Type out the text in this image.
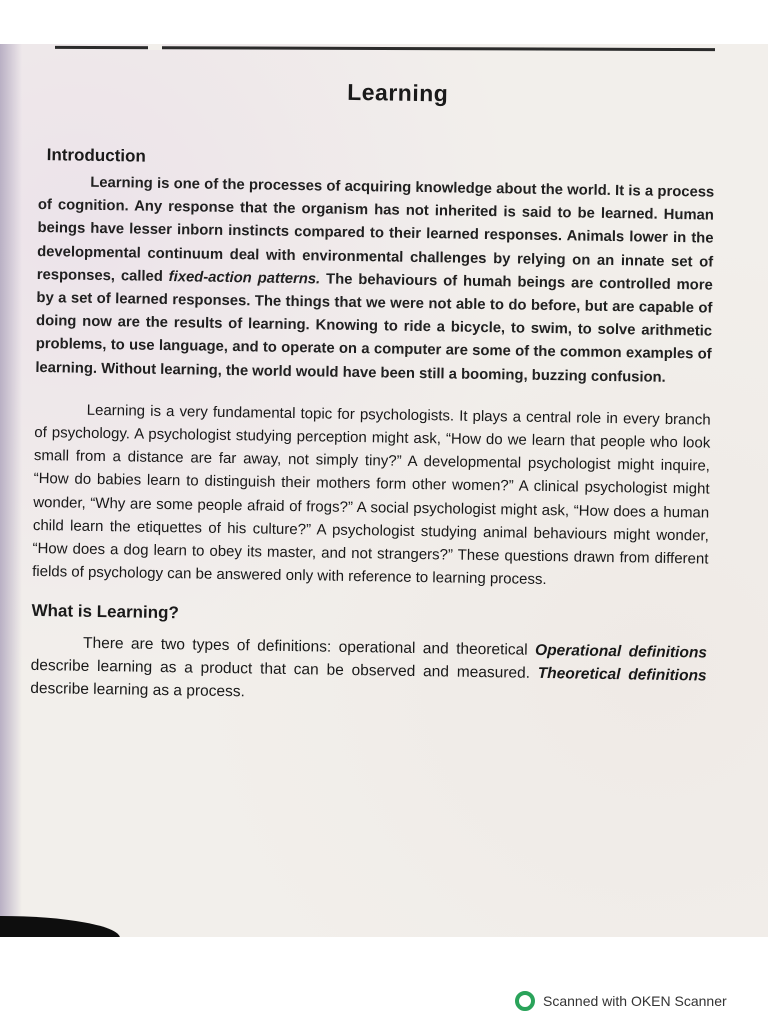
Learning
Introduction

Learning is one of the processes of acquiring knowledge about the world. It is a process of cognition. Any response that the organism has not inherited is said to be learned. Human beings have lesser inborn instincts compared to their learned responses. Animals lower in the developmental continuum deal with environmental challenges by relying on an innate set of responses, called fixed-action patterns. The behaviours of humah beings are controlled more by a set of learned responses. The things that we were not able to do before, but are capable of doing now are the results of learning. Knowing to ride a bicycle, to swim, to solve arithmetic problems, to use language, and to operate on a computer are some of the common examples of learning. Without learning, the world would have been still a booming, buzzing confusion.

Learning is a very fundamental topic for psychologists. It plays a central role in every branch of psychology. A psychologist studying perception might ask, “How do we learn that people who look small from a distance are far away, not simply tiny?” A developmental psychologist might inquire, “How do babies learn to distinguish their mothers form other women?” A clinical psychologist might wonder, “Why are some people afraid of frogs?” A social psychologist might ask, “How does a human child learn the etiquettes of his culture?” A psychologist studying animal behaviours might wonder, “How does a dog learn to obey its master, and not strangers?” These questions drawn from different fields of psychology can be answered only with reference to learning process.

What is Learning?

There are two types of definitions: operational and theoretical Operational definitions describe learning as a product that can be observed and measured. Theoretical definitions describe learning as a process.

Scanned with OKEN Scanner
